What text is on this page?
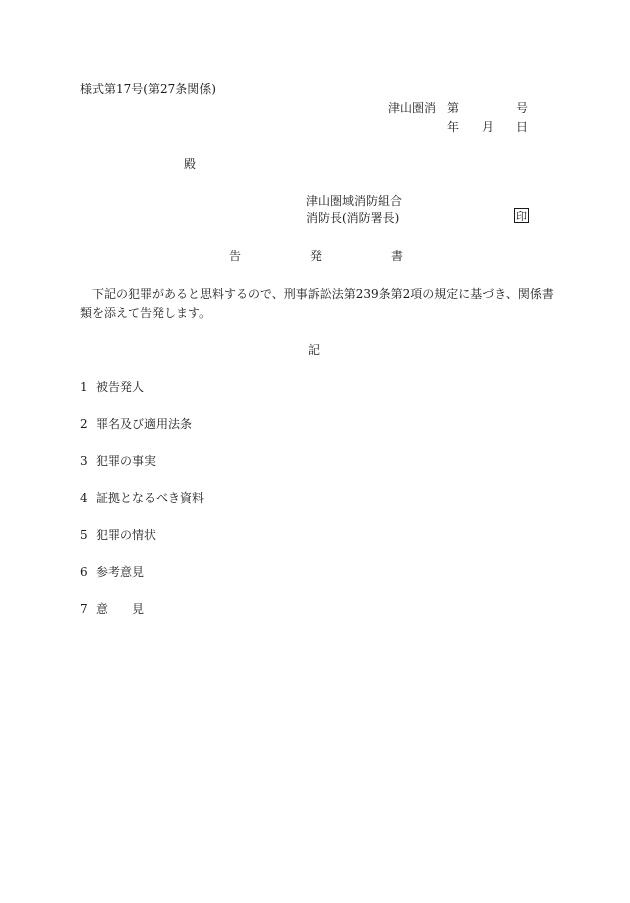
様式第17号(第27条関係)
津山圏消 第	号
年 月 日
殿
津山圏域消防組合
消防長(消防署長)	印
告	発	書
下記の犯罪があると思料するので、刑事訴訟法第239条第2項の規定に基づき、関係書類を添えて告発します。
記
1 被告発人
2 罪名及び適用法条
3 犯罪の事実
4 証拠となるべき資料
5 犯罪の情状
6 参考意見
7 意　　見
